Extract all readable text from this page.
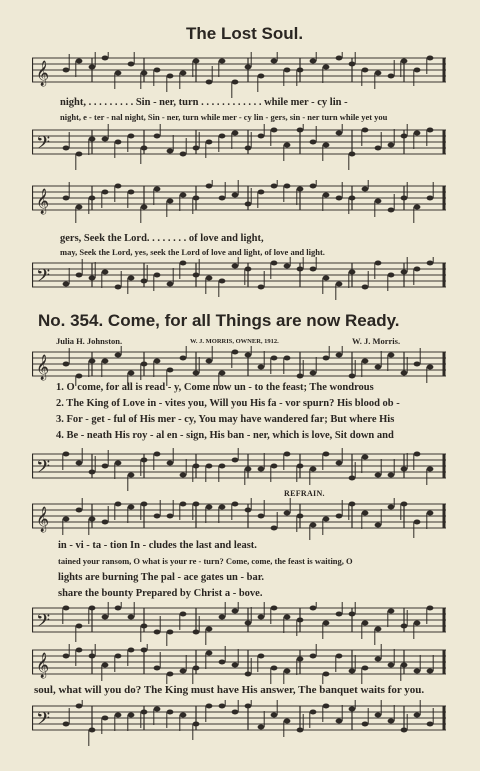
The Lost Soul.
𝄞
night, . . . . . . . . . Sin - ner, turn . . . . . . . . . . . . while mer - cy lin -
night, e - ter - nal night, Sin - ner, turn while mer - cy lin - gers, sin - ner turn while yet you
𝄢
𝄞
gers, Seek the Lord. . . . . . . . of love and light,
may, Seek the Lord, yes, seek the Lord of love and light, of love and light.
𝄢
No. 354. Come, for all Things are now Ready.
Julia H. Johnston.	W. J. MORRIS, OWNER, 1912.	W. J. Morris.
𝄞
1. O come, for all is read - y, Come now un - to the feast; The wondrous
2. The King of Love in - vites you, Will you His fa - vor spurn? His blood ob -
3. For - get - ful of His mer - cy, You may have wandered far; But where His
4. Be - neath His roy - al en - sign, His ban - ner, which is love, Sit down and
𝄢
REFRAIN.
𝄞
in - vi - ta - tion In - cludes the last and least.
tained your ransom, O what is your re - turn? Come, come, the feast is waiting, O
lights are burning The pal - ace gates un - bar.
share the bounty Prepared by Christ a - bove.
𝄢
𝄞
soul, what will you do? The King must have His answer, The banquet waits for you.
𝄢
